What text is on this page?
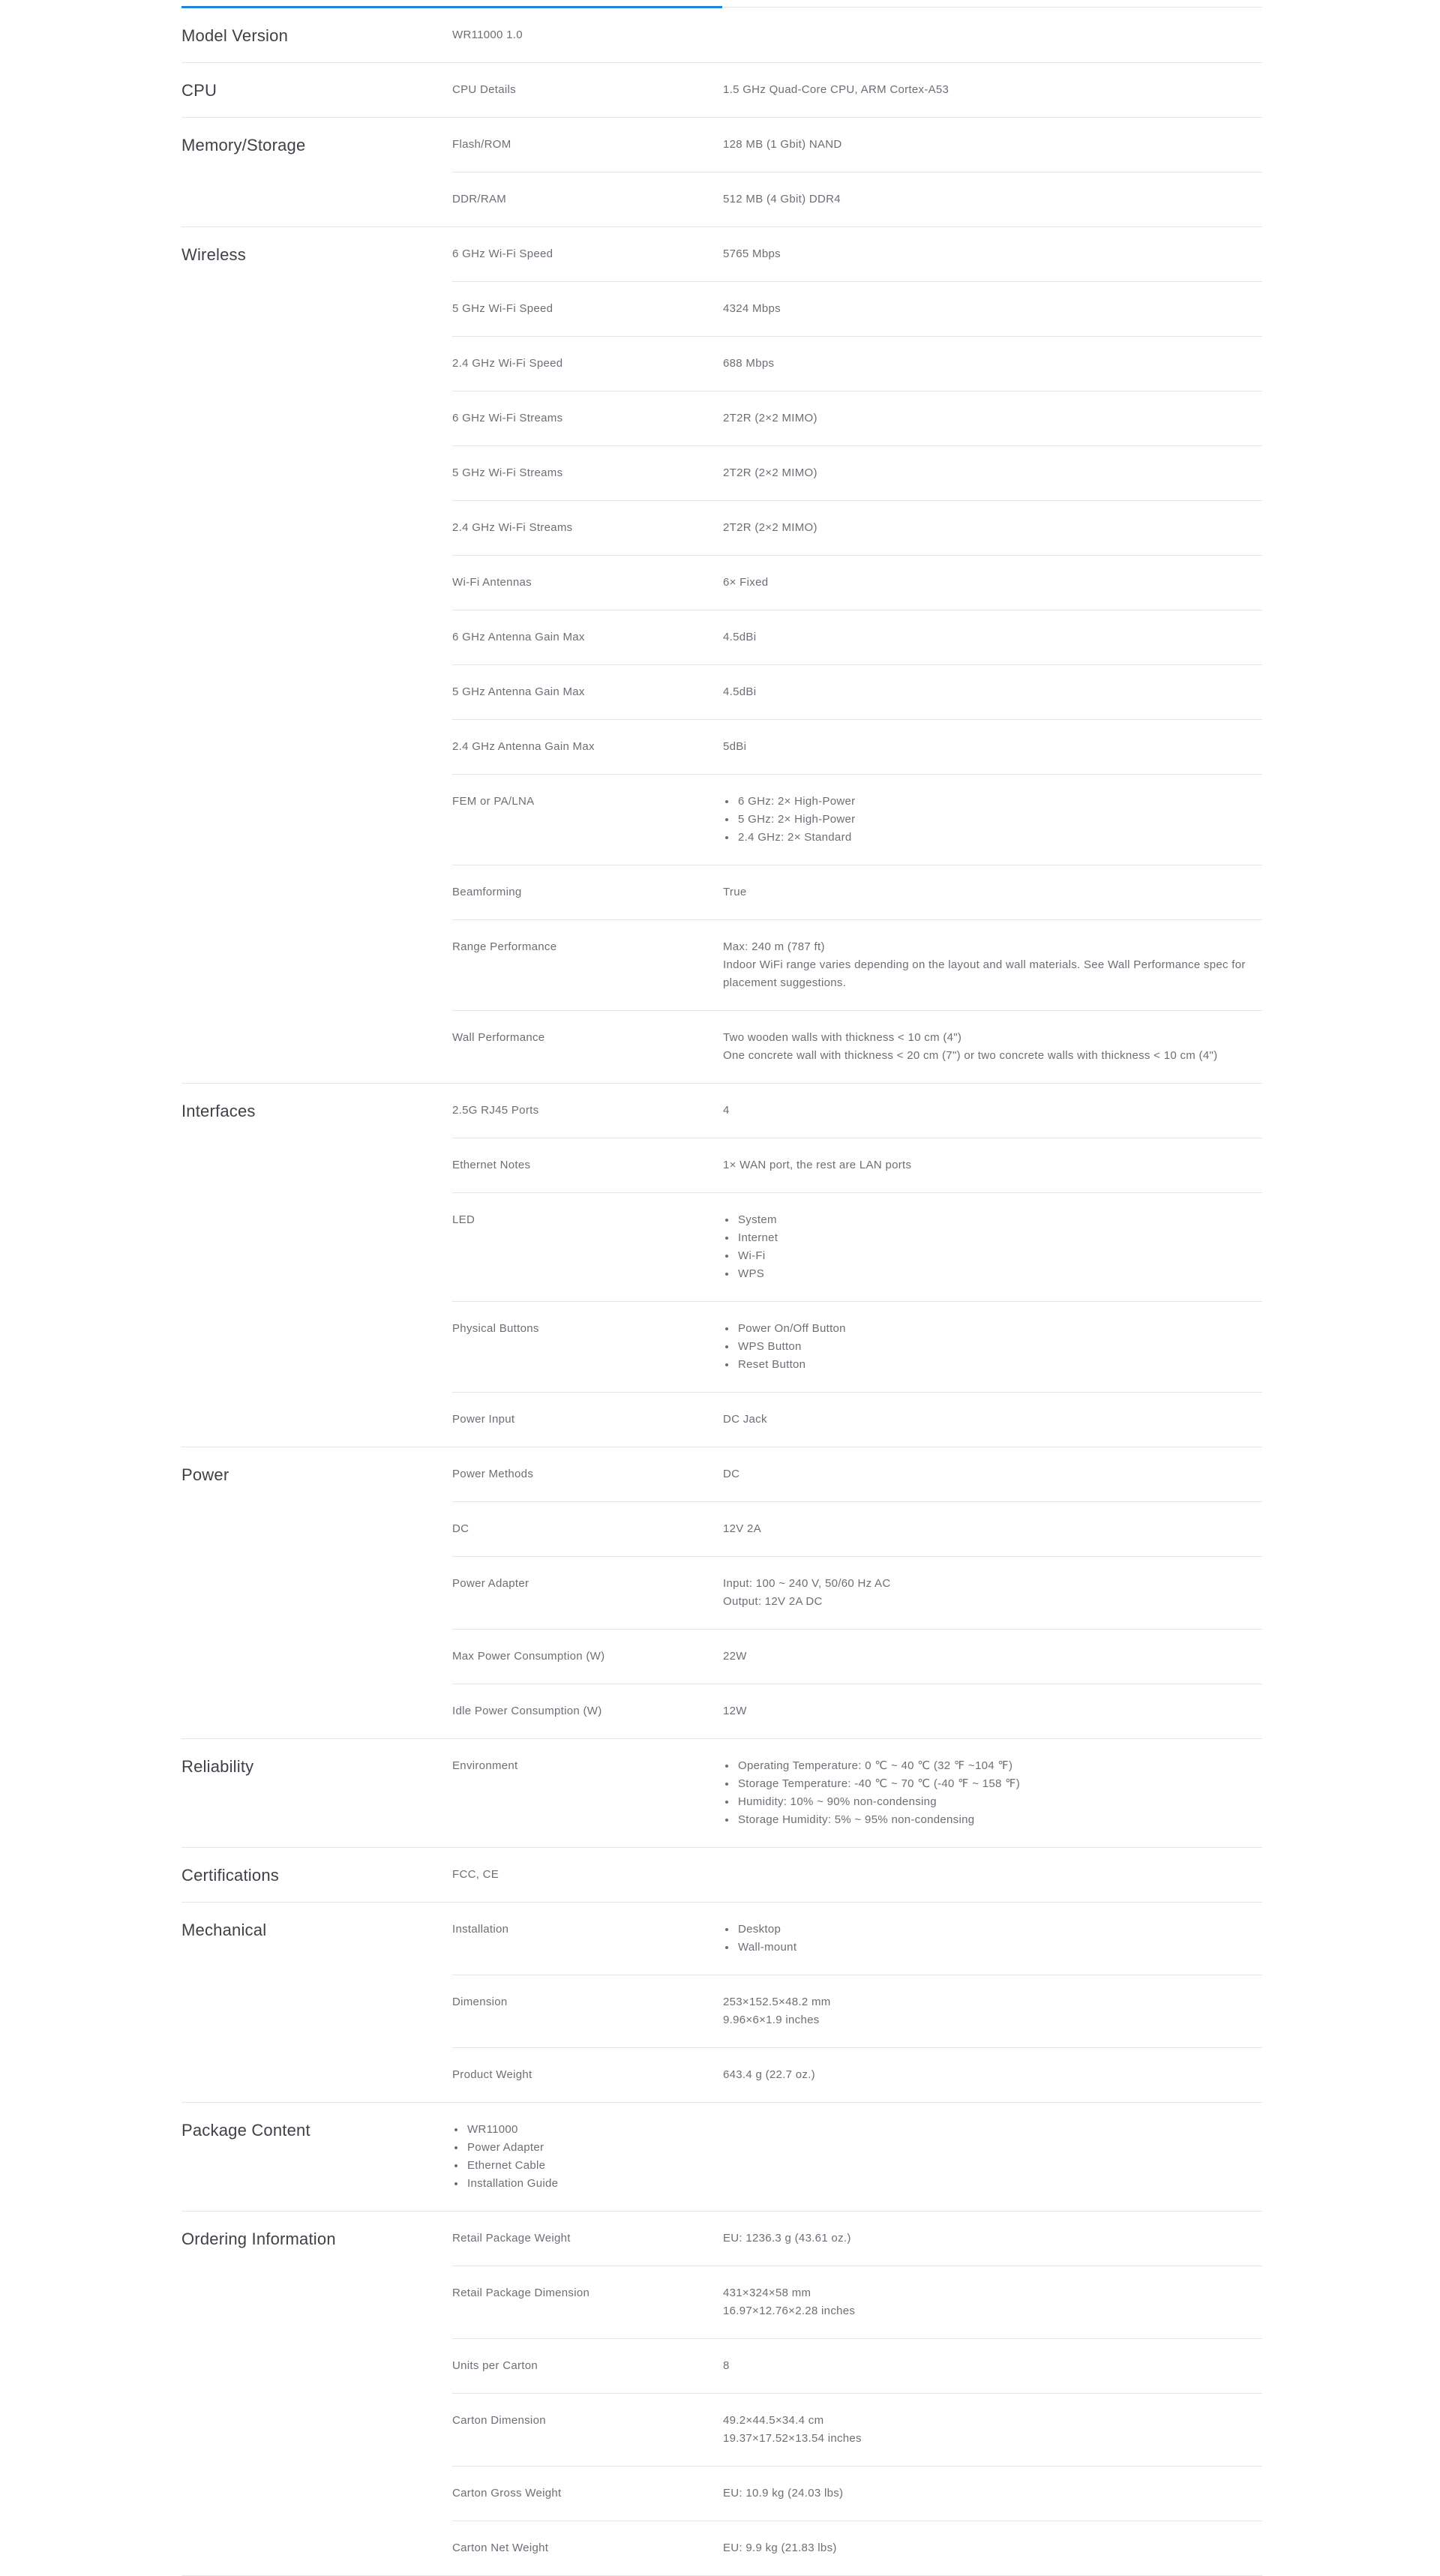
Model Version	WR11000 1.0
CPU	CPU Details	1.5 GHz Quad-Core CPU, ARM Cortex-A53
Memory/Storage	Flash/ROM	128 MB (1 Gbit) NAND
DDR/RAM	512 MB (4 Gbit) DDR4
Wireless	6 GHz Wi-Fi Speed	5765 Mbps
5 GHz Wi-Fi Speed	4324 Mbps
2.4 GHz Wi-Fi Speed	688 Mbps
6 GHz Wi-Fi Streams	2T2R (2×2 MIMO)
5 GHz Wi-Fi Streams	2T2R (2×2 MIMO)
2.4 GHz Wi-Fi Streams	2T2R (2×2 MIMO)
Wi-Fi Antennas	6× Fixed
6 GHz Antenna Gain Max	4.5dBi
5 GHz Antenna Gain Max	4.5dBi
2.4 GHz Antenna Gain Max	5dBi
FEM or PA/LNA	6 GHz: 2× High-Power
5 GHz: 2× High-Power
2.4 GHz: 2× Standard
Beamforming	True
Range Performance	Max: 240 m (787 ft)
Indoor WiFi range varies depending on the layout and wall materials. See Wall Performance spec for placement suggestions.
Wall Performance	Two wooden walls with thickness < 10 cm (4")
One concrete wall with thickness < 20 cm (7") or two concrete walls with thickness < 10 cm (4")
Interfaces	2.5G RJ45 Ports	4
Ethernet Notes	1× WAN port, the rest are LAN ports
LED	System
Internet
Wi-Fi
WPS
Physical Buttons	Power On/Off Button
WPS Button
Reset Button
Power Input	DC Jack
Power	Power Methods	DC
DC	12V 2A
Power Adapter	Input: 100 ~ 240 V, 50/60 Hz AC
Output: 12V 2A DC
Max Power Consumption (W)	22W
Idle Power Consumption (W)	12W
Reliability	Environment	Operating Temperature: 0 ℃ ~ 40 ℃ (32 ℉ ~104 ℉)
Storage Temperature: -40 ℃ ~ 70 ℃ (-40 ℉ ~ 158 ℉)
Humidity: 10% ~ 90% non-condensing
Storage Humidity: 5% ~ 95% non-condensing
Certifications	FCC, CE
Mechanical	Installation	Desktop
Wall-mount
Dimension	253×152.5×48.2 mm
9.96×6×1.9 inches
Product Weight	643.4 g (22.7 oz.)
Package Content	WR11000
Power Adapter
Ethernet Cable
Installation Guide
Ordering Information	Retail Package Weight	EU: 1236.3 g (43.61 oz.)
Retail Package Dimension	431×324×58 mm
16.97×12.76×2.28 inches
Units per Carton	8
Carton Dimension	49.2×44.5×34.4 cm
19.37×17.52×13.54 inches
Carton Gross Weight	EU: 10.9 kg (24.03 lbs)
Carton Net Weight	EU: 9.9 kg (21.83 lbs)
